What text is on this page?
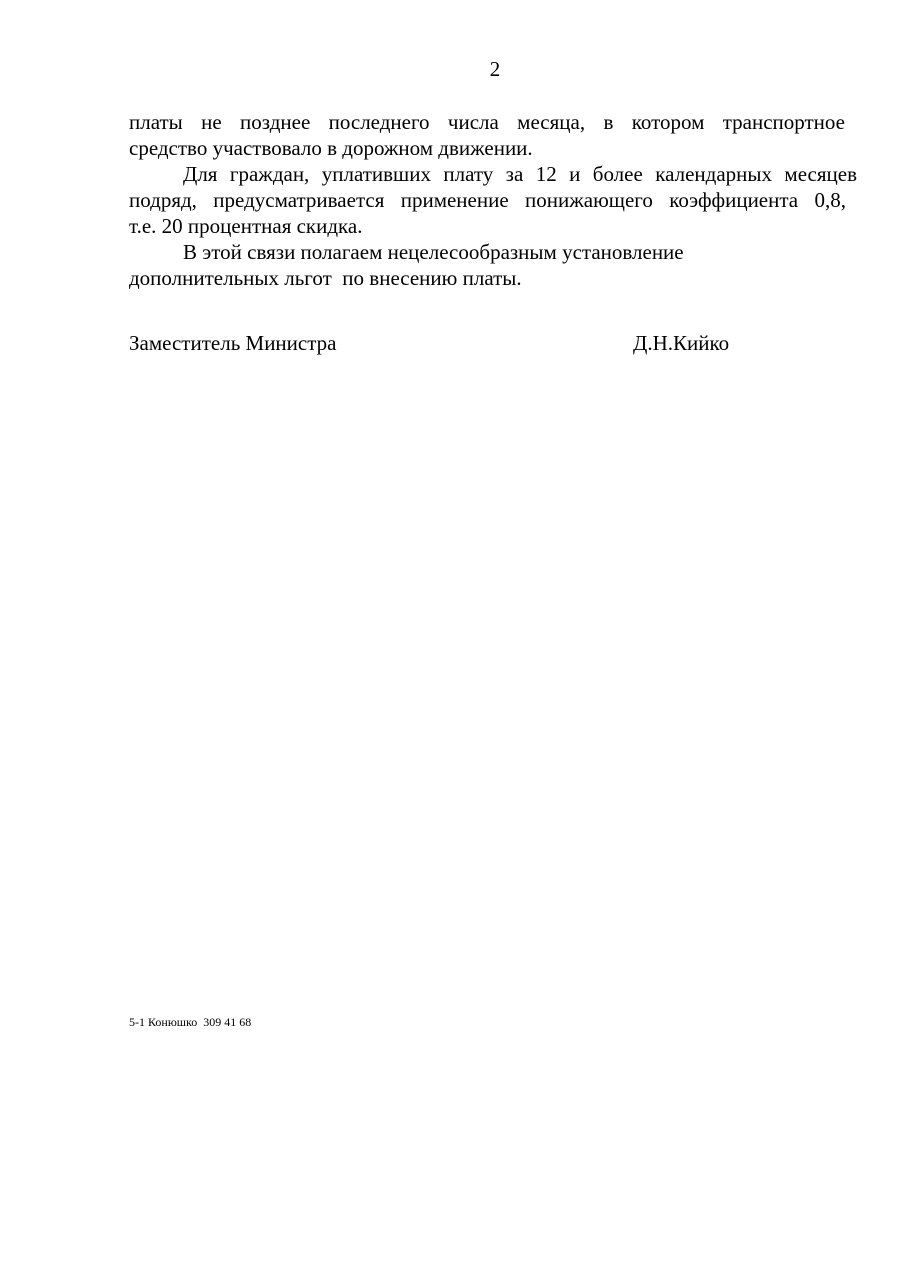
2
платы не позднее последнего числа месяца, в котором транспортное
средство участвовало в дорожном движении.
Для граждан, уплативших плату за 12 и более календарных месяцев
подряд, предусматривается применение понижающего коэффициента 0,8,
т.е. 20 процентная скидка.
В этой связи полагаем нецелесообразным установление
дополнительных льгот  по внесению платы.
Заместитель Министра	Д.Н.Кийко
5-1 Конюшко  309 41 68
